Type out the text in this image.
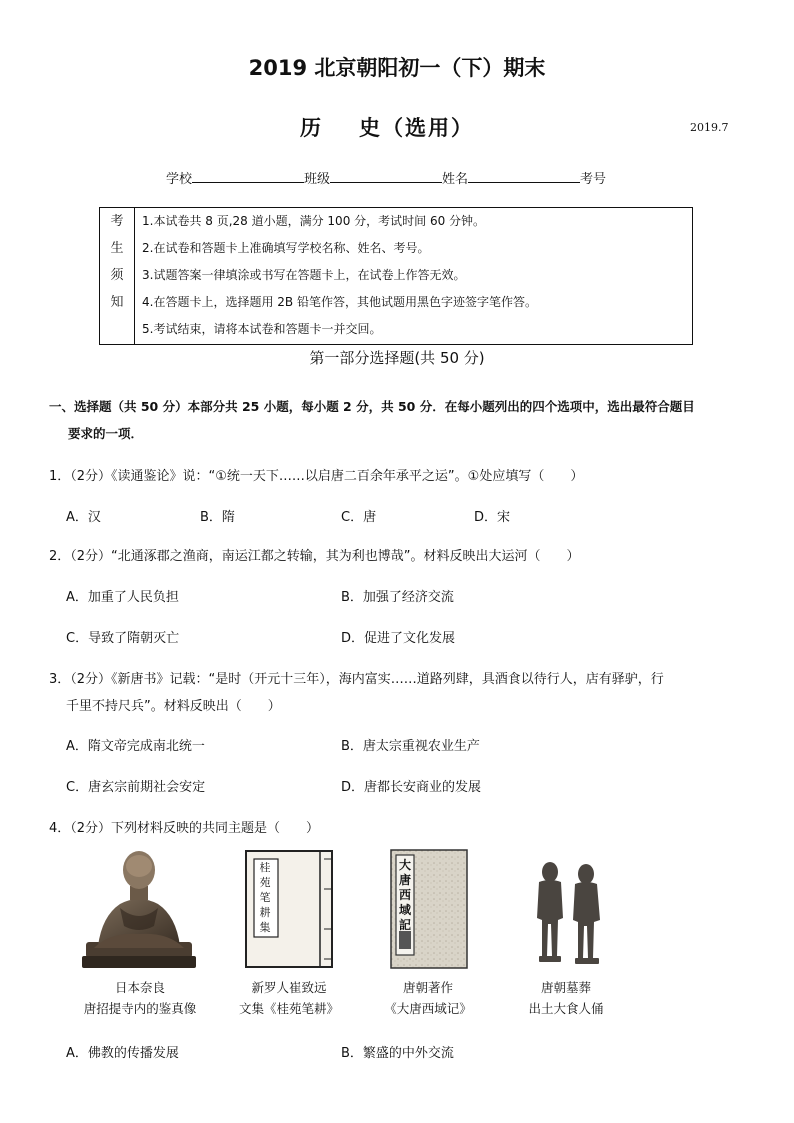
2019 北京朝阳初一（下）期末
历 史（选用）	2019.7
学校	班级	姓名	考号
考
生
须
知
1.本试卷共 8 页,28 道小题，满分 100 分，考试时间 60 分钟。
2.在试卷和答题卡上准确填写学校名称、姓名、考号。
3.试题答案一律填涂或书写在答题卡上，在试卷上作答无效。
4.在答题卡上，选择题用 2B 铅笔作答，其他试题用黑色字迹签字笔作答。
5.考试结束，请将本试卷和答题卡一并交回。
第一部分选择题(共 50 分)
一、选择题（共 50 分）本部分共 25 小题，每小题 2 分，共 50 分．在每小题列出的四个选项中，选出最符合题目
要求的一项．
1．（2分）《读通鉴论》说：“①统一天下……以启唐二百余年承平之运”。①处应填写（　　）
A．汉	B．隋	C．唐	D．宋
2．（2分）“北通涿郡之渔商，南运江都之转输，其为利也博哉”。材料反映出大运河（　　）
A．加重了人民负担	B．加强了经济交流
C．导致了隋朝灭亡	D．促进了文化发展
3．（2分）《新唐书》记载：“是时（开元十三年），海内富实……道路列肆，具酒食以待行人，店有驿驴，行
千里不持尺兵”。材料反映出（　　）
A．隋文帝完成南北统一	B．唐太宗重视农业生产
C．唐玄宗前期社会安定	D．唐都长安商业的发展
4．（2分）下列材料反映的共同主题是（　　）
日本奈良
唐招提寺内的鉴真像
桂苑笔耕集
新罗人崔致远
文集《桂苑笔耕》
大唐西域記
唐朝著作
《大唐西域记》
唐朝墓葬
出土大食人俑
A．佛教的传播发展	B．繁盛的中外交流
